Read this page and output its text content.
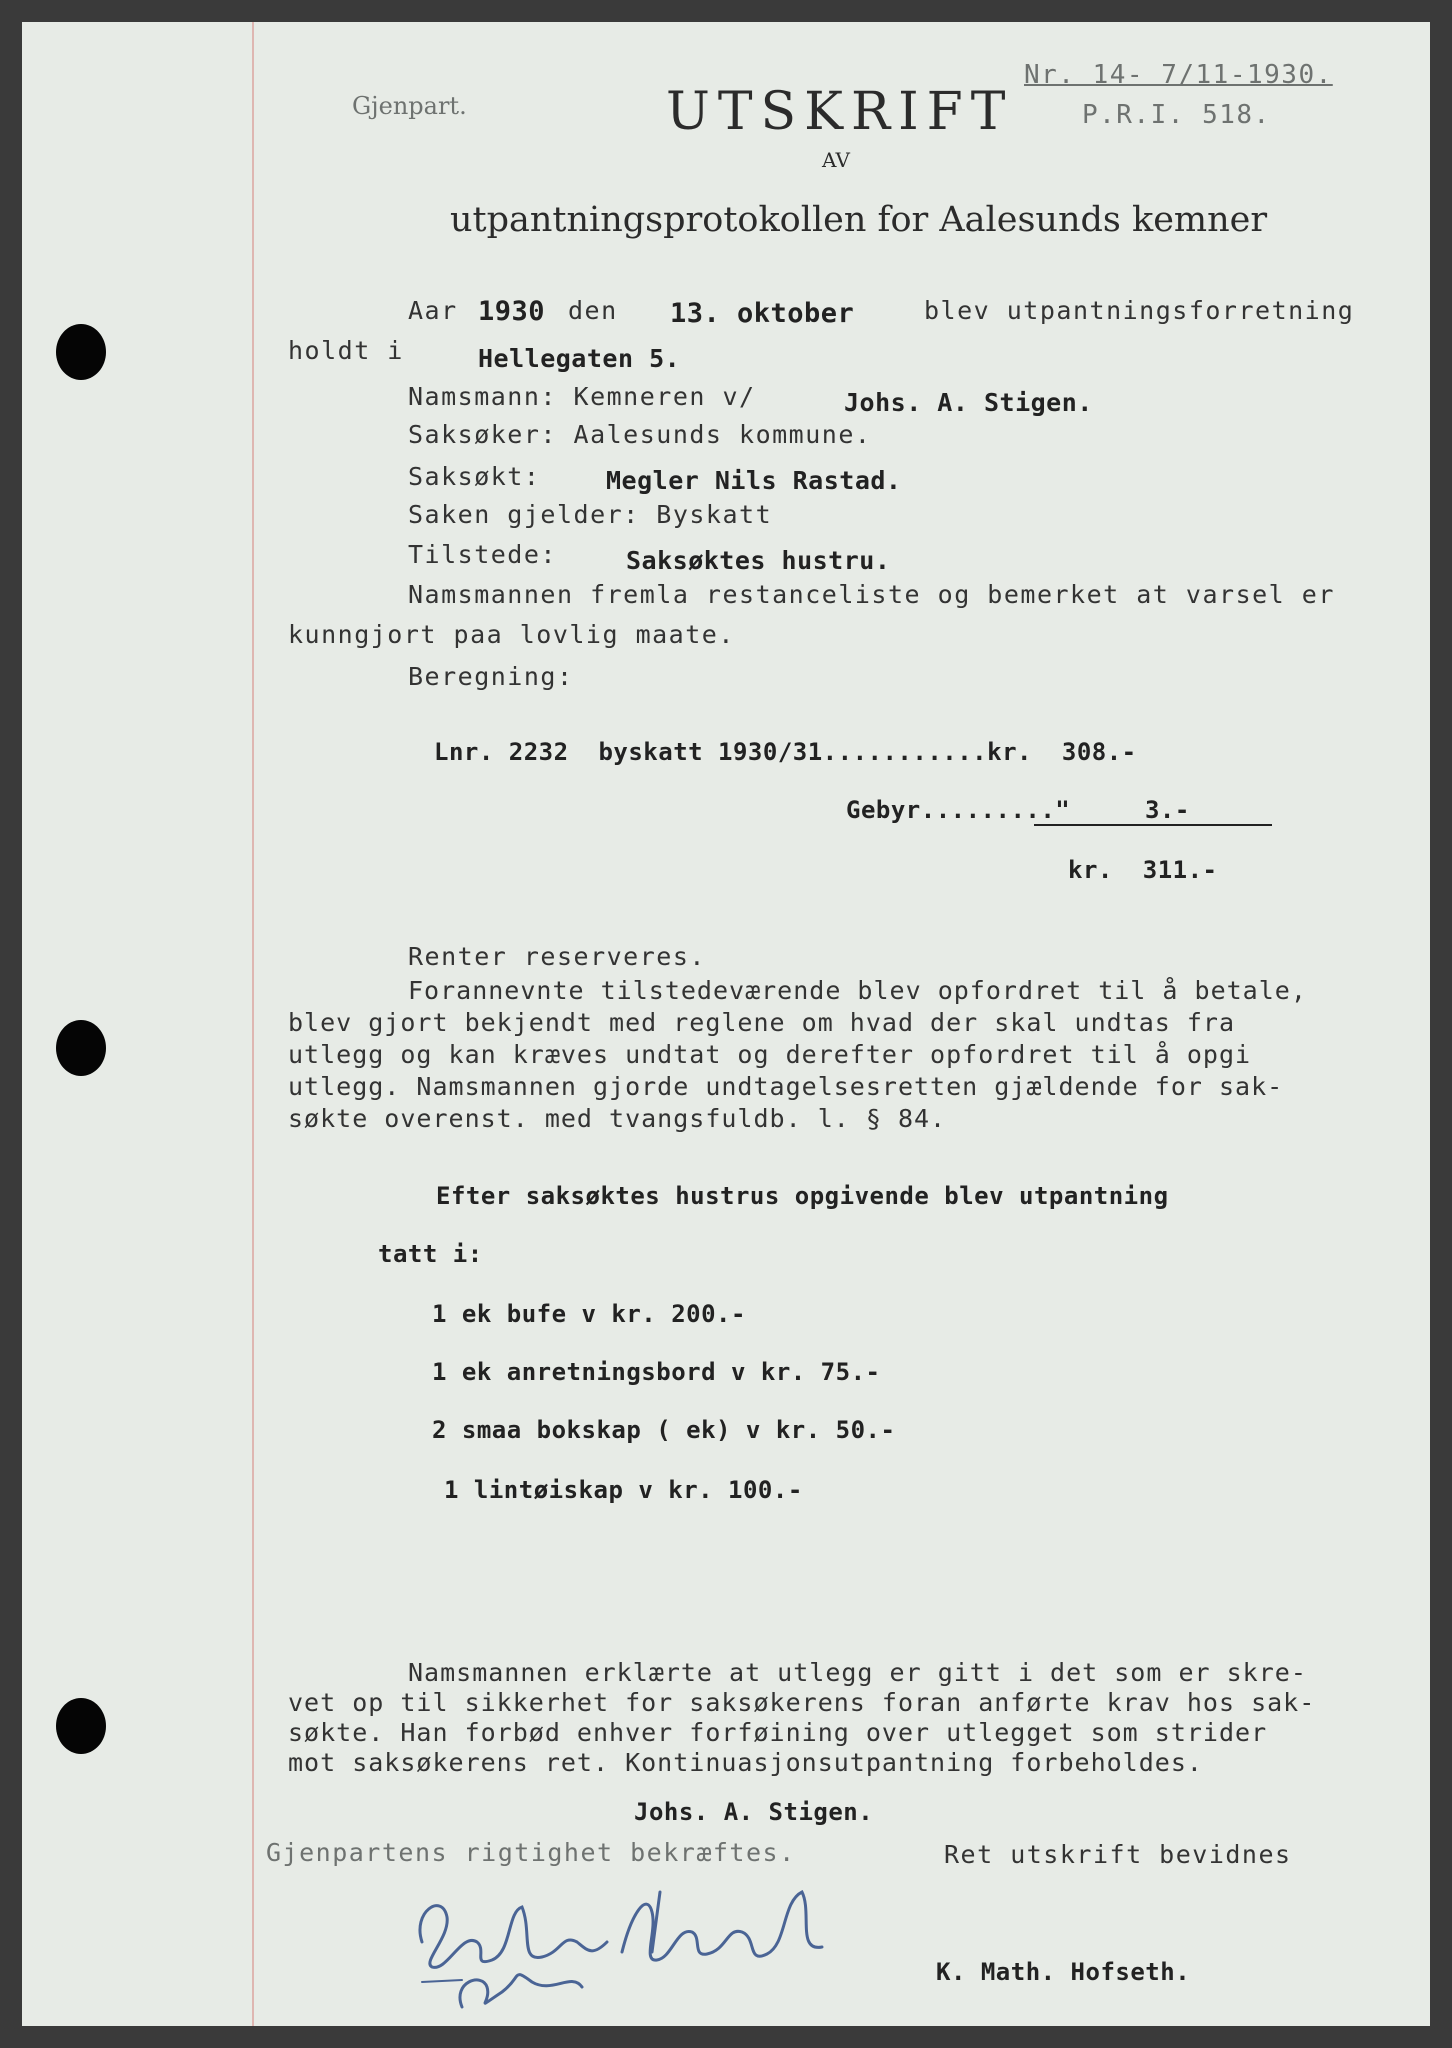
Gjenpart.	UTSKRIFT
AV
utpantningsprotokollen for Aalesunds kemner
Nr. 14- 7/11-1930.
P.R.I. 518.
Aar 1930 den 13. oktober	blev utpantningsforretning
holdt i	Hellegaten 5.
Namsmann: Kemneren v/	Johs. A. Stigen.
Saksøker: Aalesunds kommune.
Saksøkt:	Megler Nils Rastad.
Saken gjelder: Byskatt
Tilstede:	Saksøktes hustru.
Namsmannen fremla restanceliste og bemerket at varsel er
kunngjort paa lovlig maate.
Beregning:
Lnr. 2232  byskatt 1930/31...........kr.  308.-
Gebyr........."     3.-
kr.  311.-
Renter reserveres.
Forannevnte tilstedeværende blev opfordret til å betale,
blev gjort bekjendt med reglene om hvad der skal undtas fra
utlegg og kan kræves undtat og derefter opfordret til å opgi
utlegg. Namsmannen gjorde undtagelsesretten gjældende for sak-
søkte overenst. med tvangsfuldb. l. § 84.
Efter saksøktes hustrus opgivende blev utpantning
tatt i:
1 ek bufe v kr. 200.-
1 ek anretningsbord v kr. 75.-
2 smaa bokskap ( ek) v kr. 50.-
1 lintøiskap v kr. 100.-
Namsmannen erklærte at utlegg er gitt i det som er skre-
vet op til sikkerhet for saksøkerens foran anførte krav hos sak-
søkte. Han forbød enhver forføining over utlegget som strider
mot saksøkerens ret. Kontinuasjonsutpantning forbeholdes.
Johs. A. Stigen.
Gjenpartens rigtighet bekræftes.	Ret utskrift bevidnes
K. Math. Hofseth.
